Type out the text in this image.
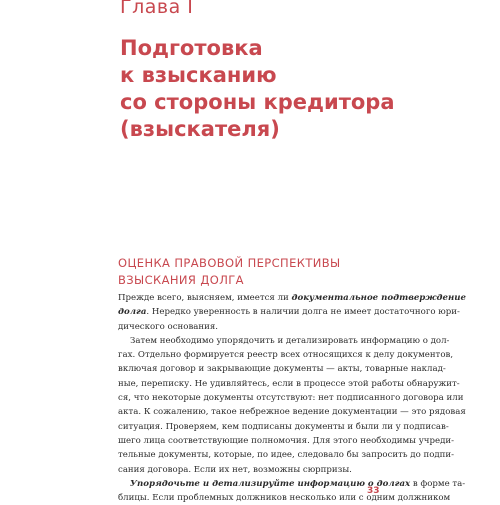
Глава I
Подготовка
к взысканию
со стороны кредитора
(взыскателя)
ОЦЕНКА ПРАВОВОЙ ПЕРСПЕКТИВЫ
ВЗЫСКАНИЯ ДОЛГА
Прежде всего, выясняем, имеется ли документальное подтверждение
долга. Нередко уверенность в наличии долга не имеет достаточного юри-
дического основания.
Затем необходимо упорядочить и детализировать информацию о дол-
гах. Отдельно формируется реестр всех относящихся к делу документов,
включая договор и закрывающие документы — акты, товарные наклад-
ные, переписку. Не удивляйтесь, если в процессе этой работы обнаружит-
ся, что некоторые документы отсутствуют: нет подписанного договора или
акта. К сожалению, такое небрежное ведение документации — это рядовая
ситуация. Проверяем, кем подписаны документы и были ли у подписав-
шего лица соответствующие полномочия. Для этого необходимы учреди-
тельные документы, которые, по идее, следовало бы запросить до подпи-
сания договора. Если их нет, возможны сюрпризы.
Упорядочьте и детализируйте информацию о долгах в форме та-
блицы. Если проблемных должников несколько или с одним должником
33
